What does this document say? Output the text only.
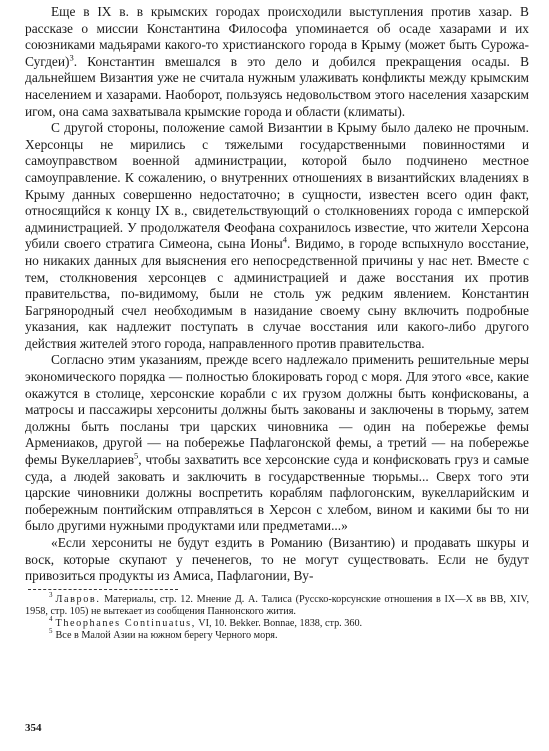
Еще в IX в. в крымских городах происходили выступления против хазар. В рассказе о миссии Константина Философа упоминается об осаде хазарами и их союзниками мадьярами какого-то христианского города в Крыму (может быть Сурожа-Сугдеи)$^3$. Константин вмешался в это дело и добился прекращения осады. В дальнейшем Византия уже не считала нужным улаживать конфликты между крымским населением и хазарами. Наоборот, пользуясь недовольством этого населения хазарским игом, она сама захватывала крымские города и области (климаты).

С другой стороны, положение самой Византии в Крыму было далеко не прочным. Херсонцы не мирились с тяжелыми государственными повинностями и самоуправством военной администрации, которой было подчинено местное самоуправление. К сожалению, о внутренних отношениях в византийских владениях в Крыму данных совершенно недостаточно; в сущности, известен всего один факт, относящийся к концу IX в., свидетельствующий о столкновениях города с имперской администрацией. У продолжателя Феофана сохранилось известие, что жители Херсона убили своего стратига Симеона, сына Ионы$^4$. Видимо, в городе вспыхнуло восстание, но никаких данных для выяснения его непосредственной причины у нас нет. Вместе с тем, столкновения херсонцев с администрацией и даже восстания их против правительства, по-видимому, были не столь уж редким явлением. Константин Багрянородный счел необходимым в назидание своему сыну включить подробные указания, как надлежит поступать в случае восстания или какого-либо другого действия жителей этого города, направленного против правительства.

Согласно этим указаниям, прежде всего надлежало применить решительные меры экономического порядка — полностью блокировать город с моря. Для этого «все, какие окажутся в столице, херсонские корабли с их грузом должны быть конфискованы, а матросы и пассажиры херсониты должны быть закованы и заключены в тюрьму, затем должны быть посланы три царских чиновника — один на побережье фемы Армениаков, другой — на побережье Пафлагонской фемы, а третий — на побережье фемы Вукеллариев$^5$, чтобы захватить все херсонские суда и конфисковать груз и самые суда, а людей заковать и заключить в государственные тюрьмы... Сверх того эти царские чиновники должны воспретить кораблям пафлогонским, вукелларийским и побережным понтийским отправляться в Херсон с хлебом, вином и какими бы то ни было другими нужными продуктами или предметами...»

«Если херсониты не будут ездить в Романию (Византию) и продавать шкуры и воск, которые скупают у печенегов, то не могут существовать. Если не будут привозиться продукты из Амиса, Пафлагонии, Ву-

$^3$ Лавров. Материалы, стр. 12. Мнение Д. А. Талиса (Русско-корсунские отношения в IX—X вв ВВ, XIV, 1958, стр. 105) не вытекает из сообщения Паннонского жития.

$^4$ Theophanes Continuatus, VI, 10. Bekker. Bonnae, 1838, стр. 360.

$^5$ Все в Малой Азии на южном берегу Черного моря.

354
